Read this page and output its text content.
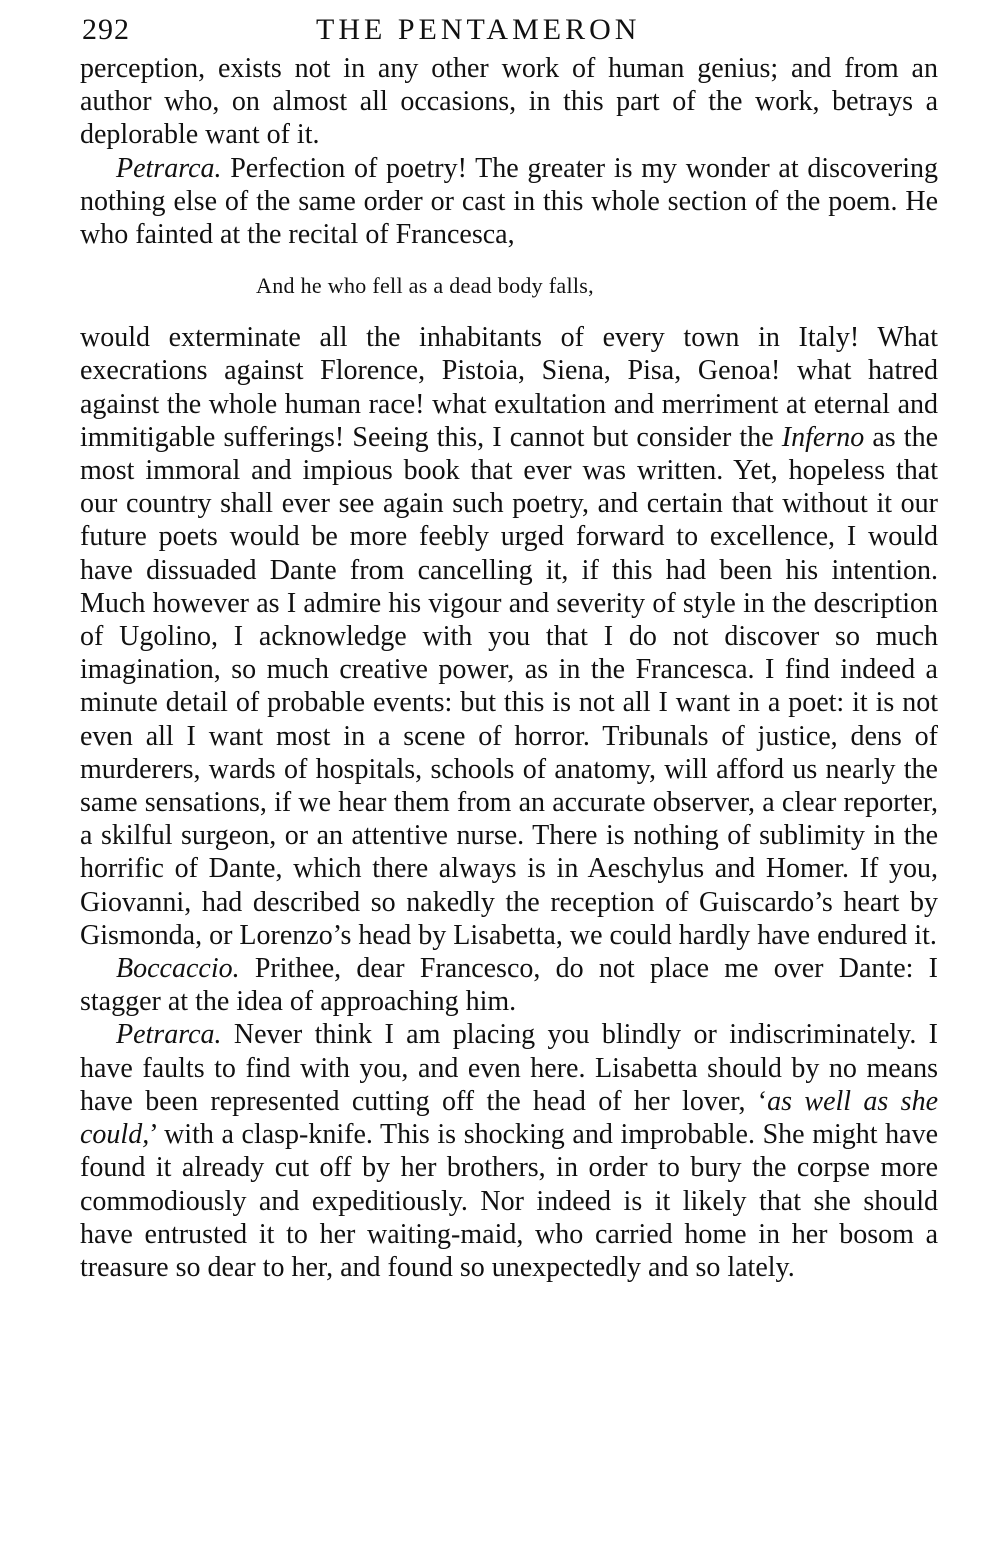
292	THE PENTAMERON

perception, exists not in any other work of human genius; and from an author who, on almost all occasions, in this part of the work, betrays a deplorable want of it.

Petrarca. Perfection of poetry! The greater is my wonder at discovering nothing else of the same order or cast in this whole section of the poem. He who fainted at the recital of Francesca,

And he who fell as a dead body falls,

would exterminate all the inhabitants of every town in Italy! What execrations against Florence, Pistoia, Siena, Pisa, Genoa! what hatred against the whole human race! what exultation and merriment at eternal and immitigable sufferings! Seeing this, I cannot but consider the Inferno as the most immoral and impious book that ever was written. Yet, hopeless that our country shall ever see again such poetry, and certain that without it our future poets would be more feebly urged forward to excellence, I would have dissuaded Dante from cancelling it, if this had been his intention. Much however as I admire his vigour and severity of style in the description of Ugolino, I acknowledge with you that I do not discover so much imagination, so much creative power, as in the Francesca. I find indeed a minute detail of probable events: but this is not all I want in a poet: it is not even all I want most in a scene of horror. Tribunals of justice, dens of murderers, wards of hospitals, schools of anatomy, will afford us nearly the same sensations, if we hear them from an accurate observer, a clear reporter, a skilful surgeon, or an attentive nurse. There is nothing of sublimity in the horrific of Dante, which there always is in Aeschylus and Homer. If you, Giovanni, had described so nakedly the reception of Guiscardo’s heart by Gismonda, or Lorenzo’s head by Lisabetta, we could hardly have endured it.

Boccaccio. Prithee, dear Francesco, do not place me over Dante: I stagger at the idea of approaching him.

Petrarca. Never think I am placing you blindly or indiscriminately. I have faults to find with you, and even here. Lisabetta should by no means have been represented cutting off the head of her lover, ‘as well as she could,’ with a clasp-knife. This is shocking and improbable. She might have found it already cut off by her brothers, in order to bury the corpse more commodiously and expeditiously. Nor indeed is it likely that she should have entrusted it to her waiting-maid, who carried home in her bosom a treasure so dear to her, and found so unexpectedly and so lately.
